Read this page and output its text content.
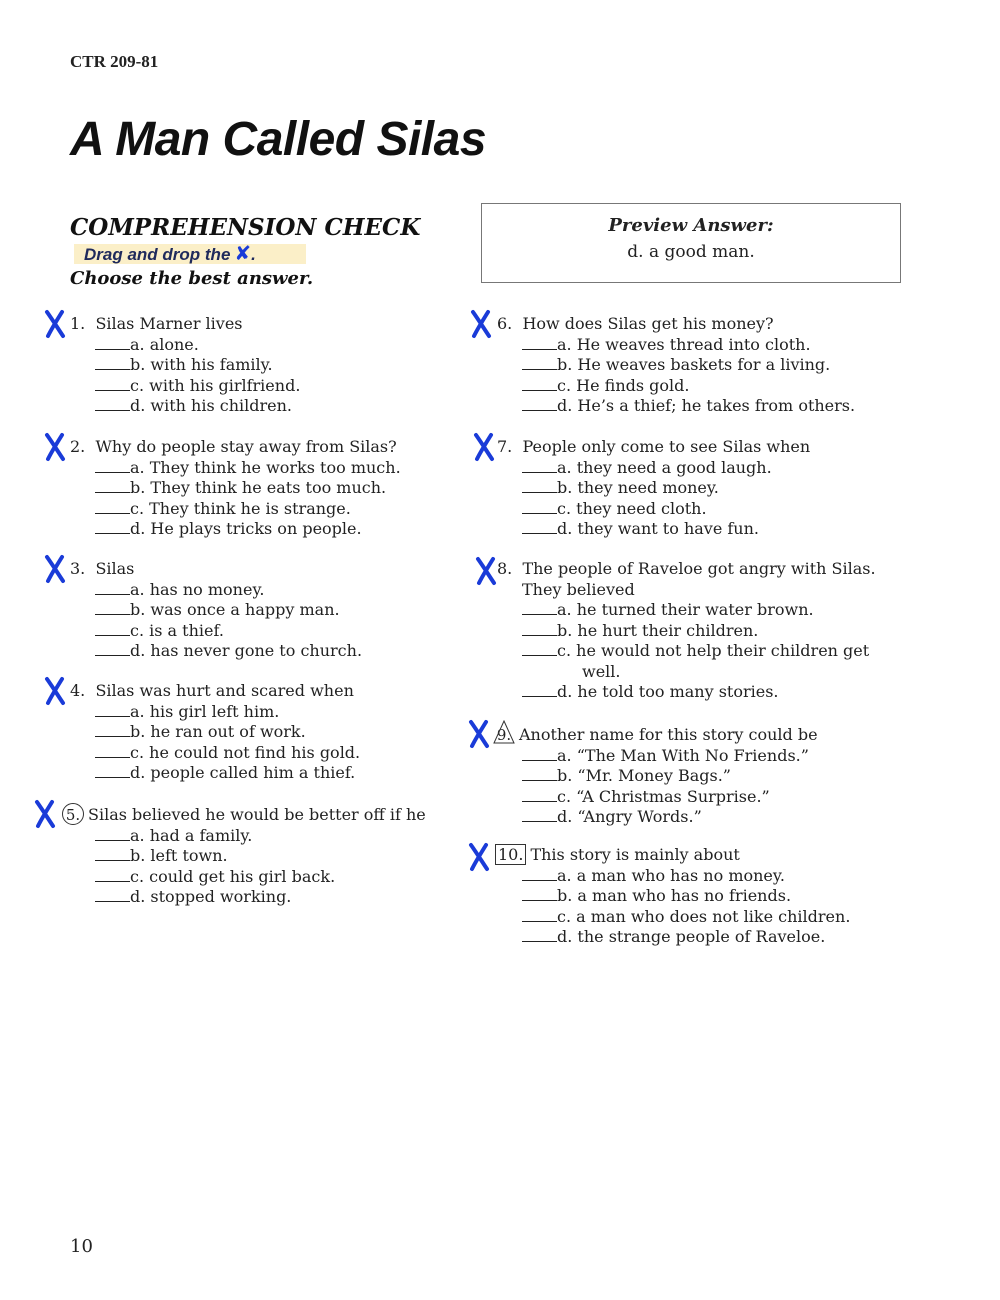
CTR 209-81
A Man Called Silas
COMPREHENSION CHECK
Drag and drop the ✘.
Choose the best answer.
Preview Answer:
d. a good man.
1. Silas Marner lives
a. alone.
b. with his family.
c. with his girlfriend.
d. with his children.
2. Why do people stay away from Silas?
a. They think he works too much.
b. They think he eats too much.
c. They think he is strange.
d. He plays tricks on people.
3. Silas
a. has no money.
b. was once a happy man.
c. is a thief.
d. has never gone to church.
4. Silas was hurt and scared when
a. his girl left him.
b. he ran out of work.
c. he could not find his gold.
d. people called him a thief.
5. Silas believed he would be better off if he
a. had a family.
b. left town.
c. could get his girl back.
d. stopped working.
6. How does Silas get his money?
a. He weaves thread into cloth.
b. He weaves baskets for a living.
c. He finds gold.
d. He’s a thief; he takes from others.
7. People only come to see Silas when
a. they need a good laugh.
b. they need money.
c. they need cloth.
d. they want to have fun.
8. The people of Raveloe got angry with Silas.
They believed
a. he turned their water brown.
b. he hurt their children.
c. he would not help their children get
well.
d. he told too many stories.
9. Another name for this story could be
a. “The Man With No Friends.”
b. “Mr. Money Bags.”
c. “A Christmas Surprise.”
d. “Angry Words.”
10. This story is mainly about
a. a man who has no money.
b. a man who has no friends.
c. a man who does not like children.
d. the strange people of Raveloe.
10
